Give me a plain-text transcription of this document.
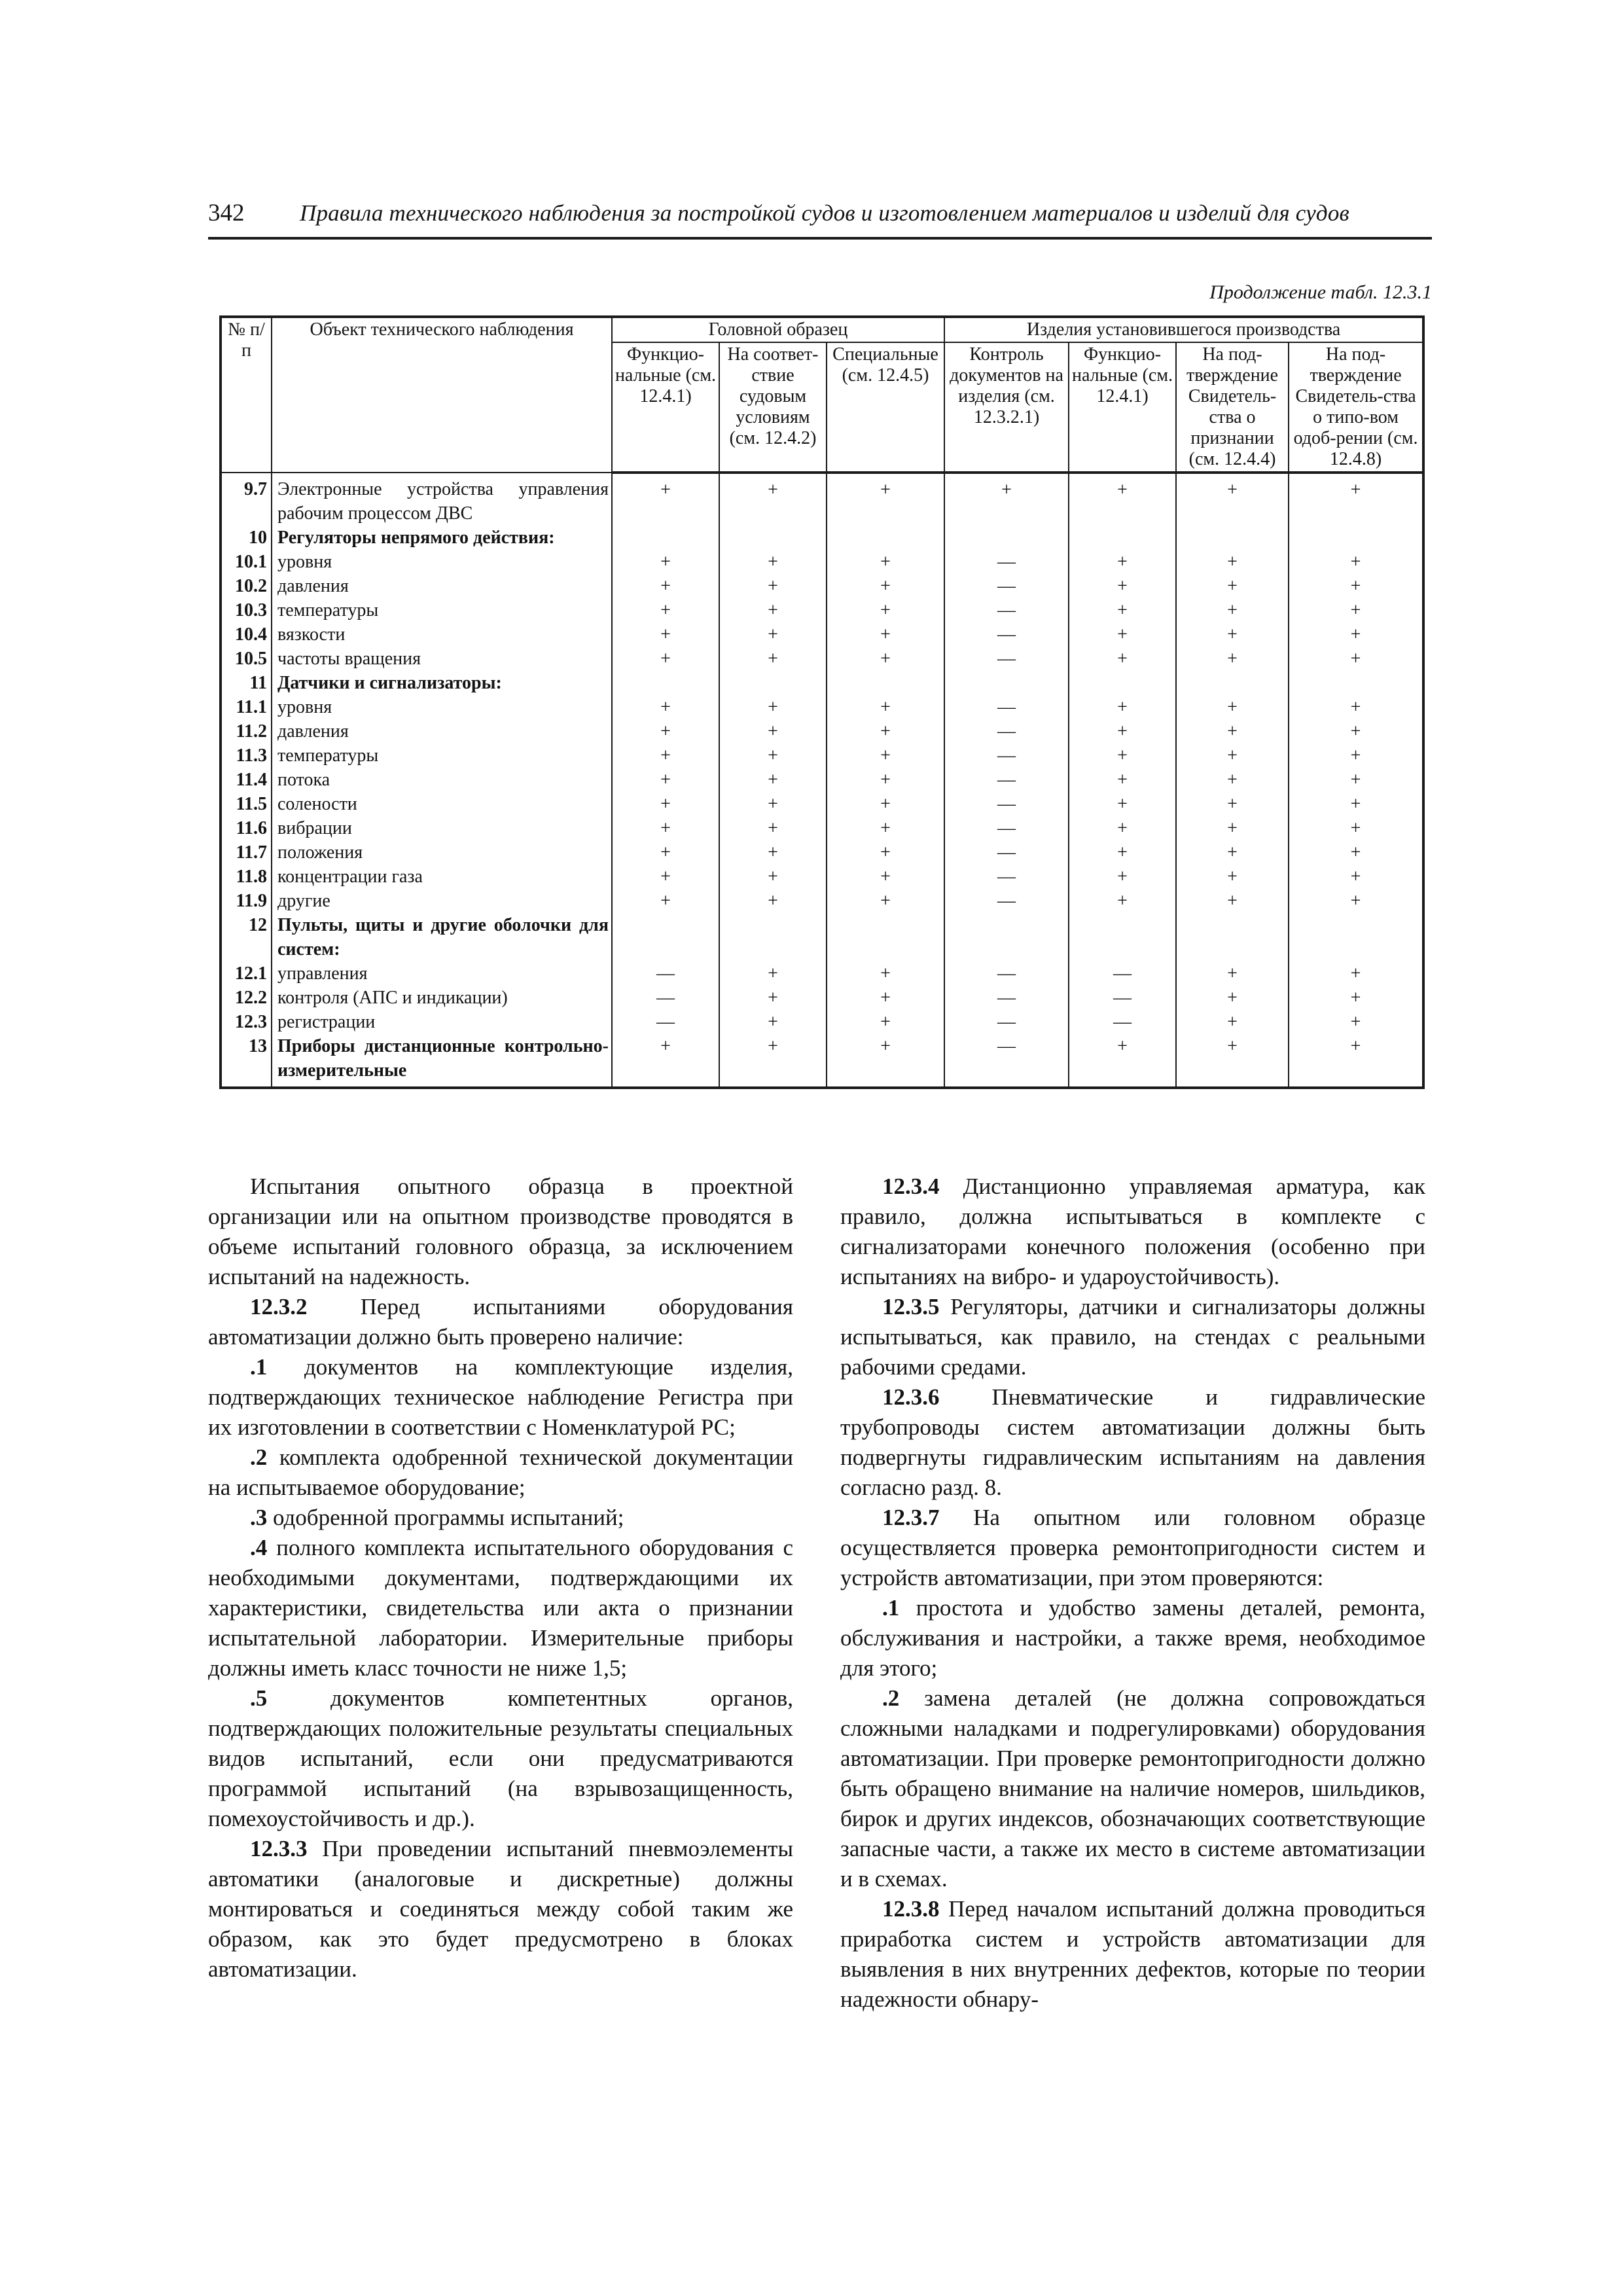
342 Правила технического наблюдения за постройкой судов и изготовлением материалов и изделий для судов
Продолжение табл. 12.3.1
№ п/п	Объект технического наблюдения	Головной образец			Изделия установившегося производства			
		Функцио-нальные (см. 12.4.1)	На соответ-ствие судовым условиям (см. 12.4.2)	Специальные (см. 12.4.5)	Контроль документов на изделия (см. 12.3.2.1)	Функцио-нальные (см. 12.4.1)	На под-тверждение Свидетель-ства о признании (см. 12.4.4)	На под-тверждение Свидетель-ства о типо-вом одоб-рении (см. 12.4.8)
9.7	Электронные устройства управления рабочим процессом ДВС	+	+	+	+	+	+	+
10	Регуляторы непрямого действия:							
10.1	уровня	+	+	+	—	+	+	+
10.2	давления	+	+	+	—	+	+	+
10.3	температуры	+	+	+	—	+	+	+
10.4	вязкости	+	+	+	—	+	+	+
10.5	частоты вращения	+	+	+	—	+	+	+
11	Датчики и сигнализаторы:							
11.1	уровня	+	+	+	—	+	+	+
11.2	давления	+	+	+	—	+	+	+
11.3	температуры	+	+	+	—	+	+	+
11.4	потока	+	+	+	—	+	+	+
11.5	солености	+	+	+	—	+	+	+
11.6	вибрации	+	+	+	—	+	+	+
11.7	положения	+	+	+	—	+	+	+
11.8	концентрации газа	+	+	+	—	+	+	+
11.9	другие	+	+	+	—	+	+	+
12	Пульты, щиты и другие оболочки для систем:							
12.1	управления	—	+	+	—	—	+	+
12.2	контроля (АПС и индикации)	—	+	+	—	—	+	+
12.3	регистрации	—	+	+	—	—	+	+
13	Приборы дистанционные контрольно-измерительные	+	+	+	—	+	+	+

Испытания опытного образца в проектной организации или на опытном производстве проводятся в объеме испытаний головного образца, за исключением испытаний на надежность.

12.3.2 Перед испытаниями оборудования автоматизации должно быть проверено наличие:

.1 документов на комплектующие изделия, подтверждающих техническое наблюдение Регистра при их изготовлении в соответствии с Номенклатурой РС;

.2 комплекта одобренной технической документации на испытываемое оборудование;

.3 одобренной программы испытаний;

.4 полного комплекта испытательного оборудования с необходимыми документами, подтверждающими их характеристики, свидетельства или акта о признании испытательной лаборатории. Измерительные приборы должны иметь класс точности не ниже 1,5;

.5 документов компетентных органов, подтверждающих положительные результаты специальных видов испытаний, если они предусматриваются программой испытаний (на взрывозащищенность, помехоустойчивость и др.).

12.3.3 При проведении испытаний пневмоэлементы автоматики (аналоговые и дискретные) должны монтироваться и соединяться между собой таким же образом, как это будет предусмотрено в блоках автоматизации.

12.3.4 Дистанционно управляемая арматура, как правило, должна испытываться в комплекте с сигнализаторами конечного положения (особенно при испытаниях на вибро- и удароустойчивость).

12.3.5 Регуляторы, датчики и сигнализаторы должны испытываться, как правило, на стендах с реальными рабочими средами.

12.3.6 Пневматические и гидравлические трубопроводы систем автоматизации должны быть подвергнуты гидравлическим испытаниям на давления согласно разд. 8.

12.3.7 На опытном или головном образце осуществляется проверка ремонтопригодности систем и устройств автоматизации, при этом проверяются:

.1 простота и удобство замены деталей, ремонта, обслуживания и настройки, а также время, необходимое для этого;

.2 замена деталей (не должна сопровождаться сложными наладками и подрегулировками) оборудования автоматизации. При проверке ремонтопригодности должно быть обращено внимание на наличие номеров, шильдиков, бирок и других индексов, обозначающих соответствующие запасные части, а также их место в системе автоматизации и в схемах.

12.3.8 Перед началом испытаний должна проводиться приработка систем и устройств автоматизации для выявления в них внутренних дефектов, которые по теории надежности обнару-
